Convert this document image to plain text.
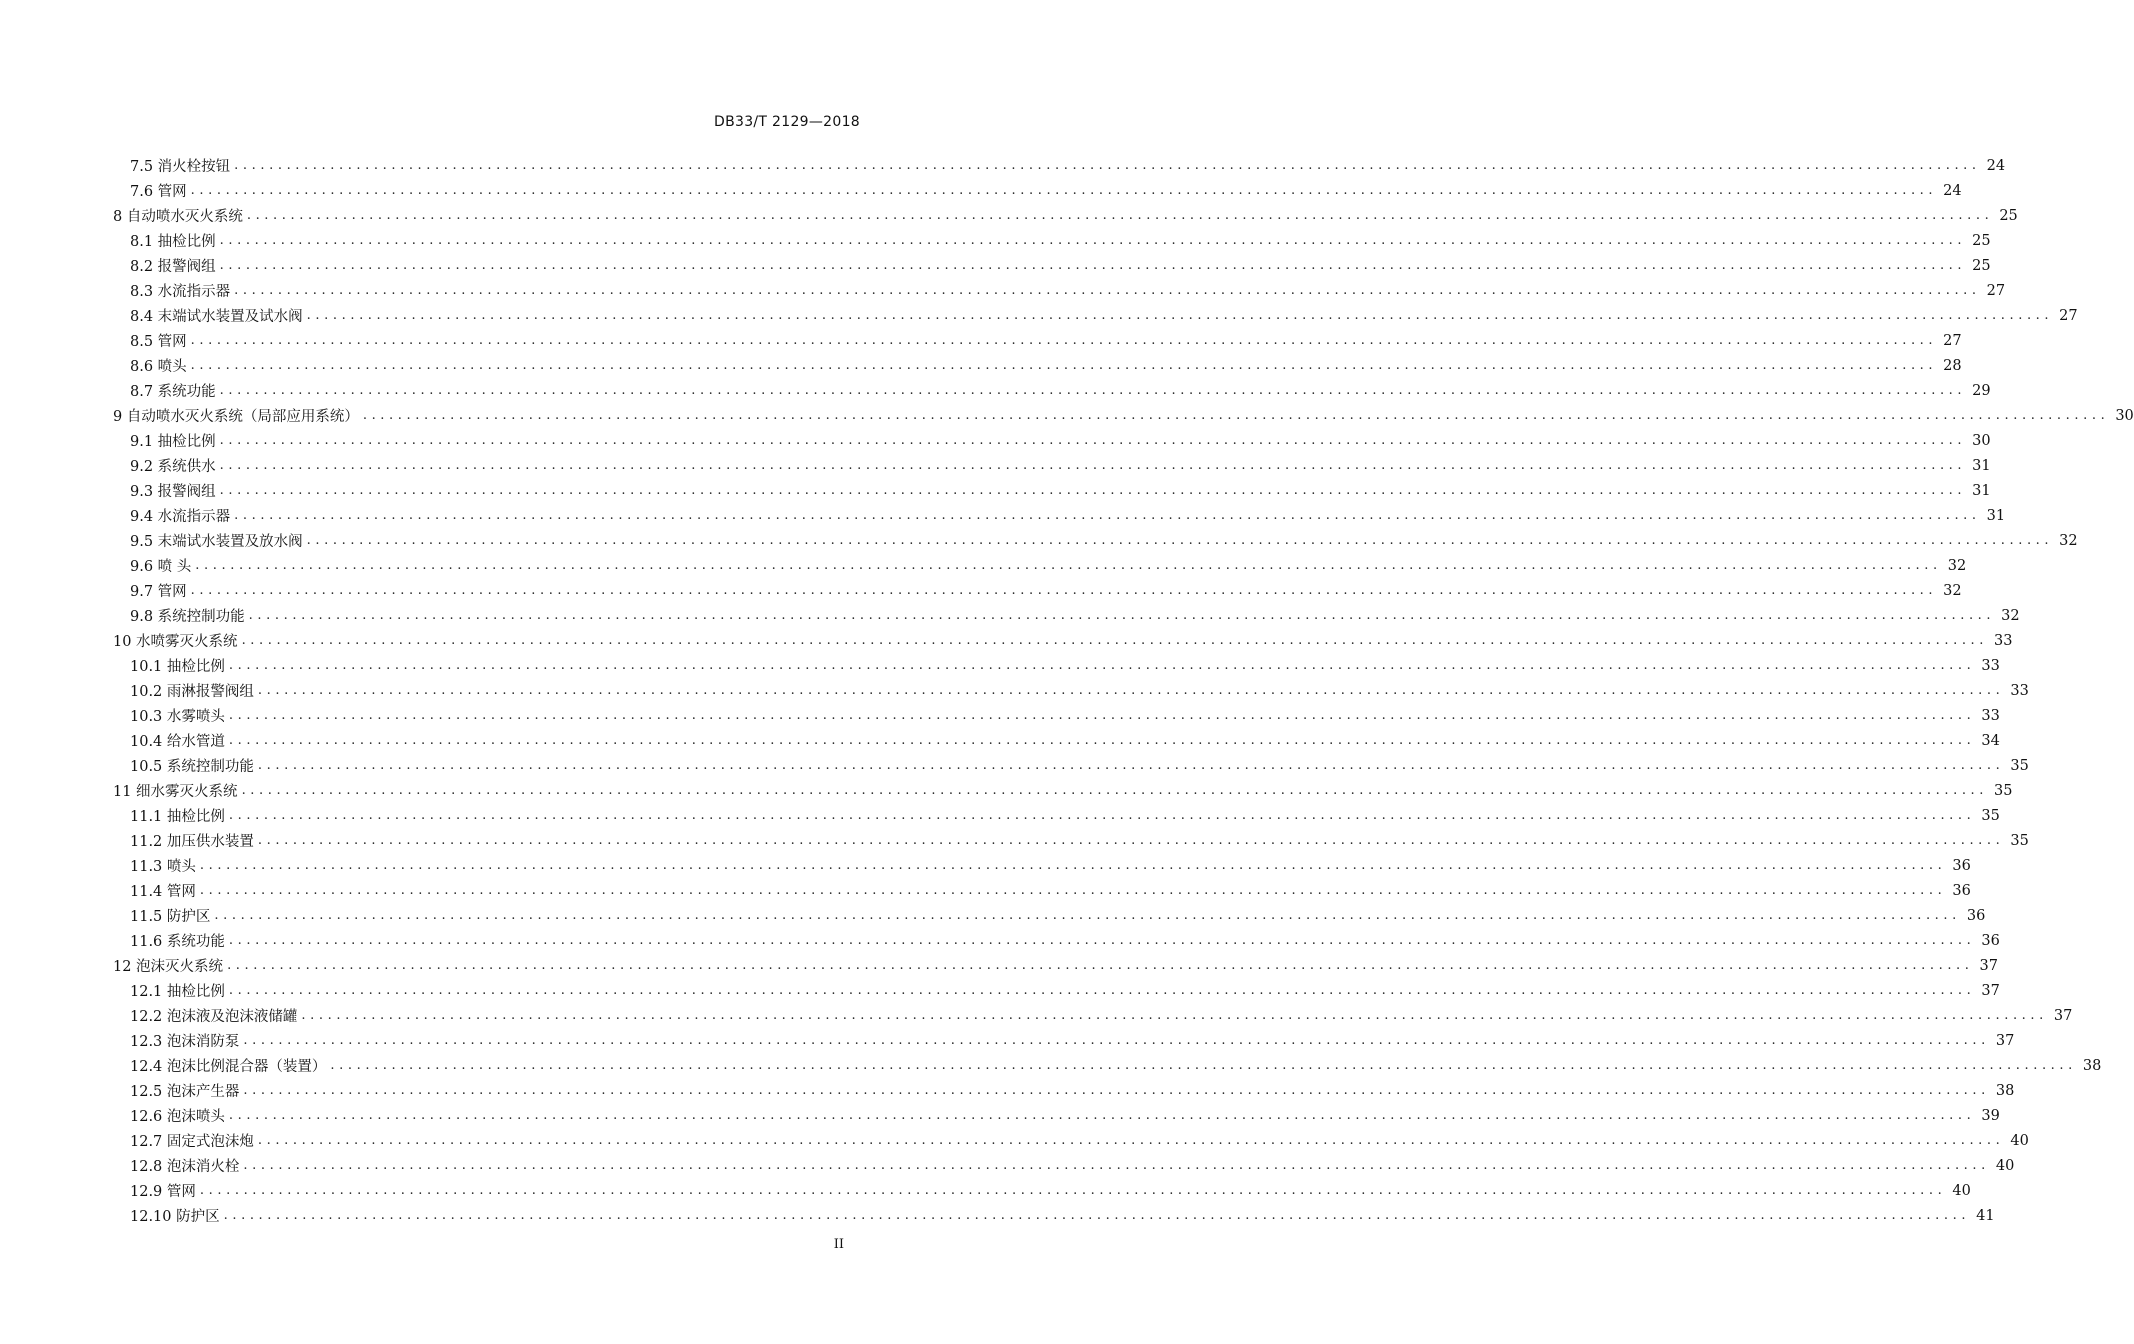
DB33/T 2129—2018
7.5 消火栓按钮 ........................................................................................................................................................................................................ 24
7.6 管网 ........................................................................................................................................................................................................ 24
8 自动喷水灭火系统 ........................................................................................................................................................................................................ 25
8.1 抽检比例 ........................................................................................................................................................................................................ 25
8.2 报警阀组 ........................................................................................................................................................................................................ 25
8.3 水流指示器 ........................................................................................................................................................................................................ 27
8.4 末端试水装置及试水阀 ........................................................................................................................................................................................................ 27
8.5 管网 ........................................................................................................................................................................................................ 27
8.6 喷头 ........................................................................................................................................................................................................ 28
8.7 系统功能 ........................................................................................................................................................................................................ 29
9 自动喷水灭火系统（局部应用系统） ........................................................................................................................................................................................................ 30
9.1 抽检比例 ........................................................................................................................................................................................................ 30
9.2 系统供水 ........................................................................................................................................................................................................ 31
9.3 报警阀组 ........................................................................................................................................................................................................ 31
9.4 水流指示器 ........................................................................................................................................................................................................ 31
9.5 末端试水装置及放水阀 ........................................................................................................................................................................................................ 32
9.6 喷 头 ........................................................................................................................................................................................................ 32
9.7 管网 ........................................................................................................................................................................................................ 32
9.8 系统控制功能 ........................................................................................................................................................................................................ 32
10 水喷雾灭火系统 ........................................................................................................................................................................................................ 33
10.1 抽检比例 ........................................................................................................................................................................................................ 33
10.2 雨淋报警阀组 ........................................................................................................................................................................................................ 33
10.3 水雾喷头 ........................................................................................................................................................................................................ 33
10.4 给水管道 ........................................................................................................................................................................................................ 34
10.5 系统控制功能 ........................................................................................................................................................................................................ 35
11 细水雾灭火系统 ........................................................................................................................................................................................................ 35
11.1 抽检比例 ........................................................................................................................................................................................................ 35
11.2 加压供水装置 ........................................................................................................................................................................................................ 35
11.3 喷头 ........................................................................................................................................................................................................ 36
11.4 管网 ........................................................................................................................................................................................................ 36
11.5 防护区 ........................................................................................................................................................................................................ 36
11.6 系统功能 ........................................................................................................................................................................................................ 36
12 泡沫灭火系统 ........................................................................................................................................................................................................ 37
12.1 抽检比例 ........................................................................................................................................................................................................ 37
12.2 泡沫液及泡沫液储罐 ........................................................................................................................................................................................................ 37
12.3 泡沫消防泵 ........................................................................................................................................................................................................ 37
12.4 泡沫比例混合器（装置） ........................................................................................................................................................................................................ 38
12.5 泡沫产生器 ........................................................................................................................................................................................................ 38
12.6 泡沫喷头 ........................................................................................................................................................................................................ 39
12.7 固定式泡沫炮 ........................................................................................................................................................................................................ 40
12.8 泡沫消火栓 ........................................................................................................................................................................................................ 40
12.9 管网 ........................................................................................................................................................................................................ 40
12.10 防护区 ........................................................................................................................................................................................................ 41
II
